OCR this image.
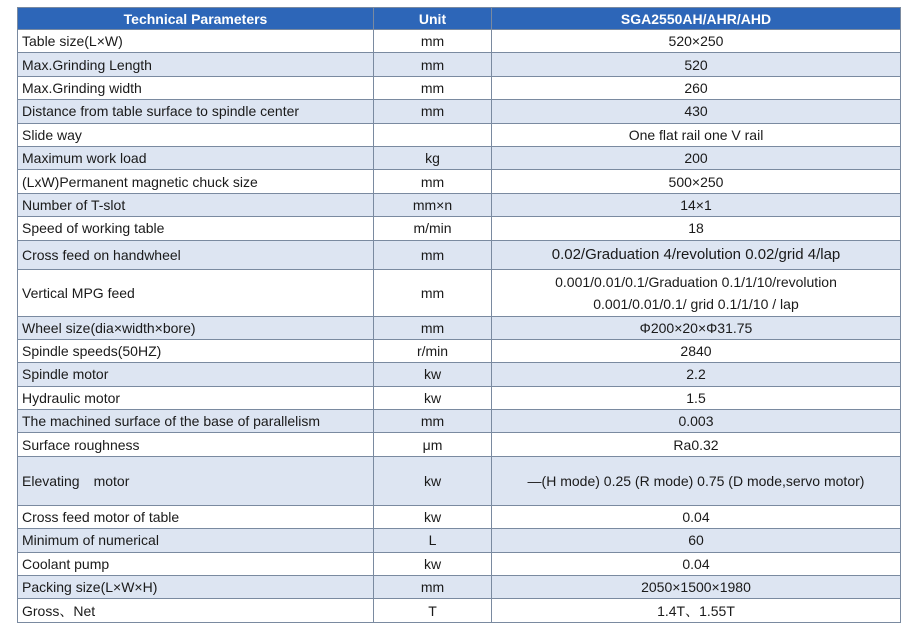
Technical Parameters	Unit	SGA2550AH/AHR/AHD
Table size(L×W)	mm	520×250
Max.Grinding Length	mm	520
Max.Grinding width	mm	260
Distance from table surface to spindle center	mm	430
Slide way		One flat rail one V rail
Maximum work load	kg	200
(LxW)Permanent magnetic chuck size	mm	500×250
Number of T-slot	mm×n	14×1
Speed of working table	m/min	18
Cross feed on handwheel	mm	0.02/Graduation 4/revolution 0.02/grid 4/lap
Vertical MPG feed	mm	0.001/0.01/0.1/Graduation 0.1/1/10/revolution
0.001/0.01/0.1/ grid 0.1/1/10 / lap

Wheel size(dia×width×bore)	mm	Φ200×20×Φ31.75
Spindle speeds(50HZ)	r/min	2840
Spindle motor	kw	2.2
Hydraulic motor	kw	1.5
The machined surface of the base of parallelism	mm	0.003
Surface roughness	μm	Ra0.32
Elevating　motor	kw	—(H mode) 0.25 (R mode) 0.75 (D mode,servo motor)
Cross feed motor of table	kw	0.04
Minimum of numerical	L	60
Coolant pump	kw	0.04
Packing size(L×W×H)	mm	2050×1500×1980
Gross、Net	T	1.4T、1.55T
